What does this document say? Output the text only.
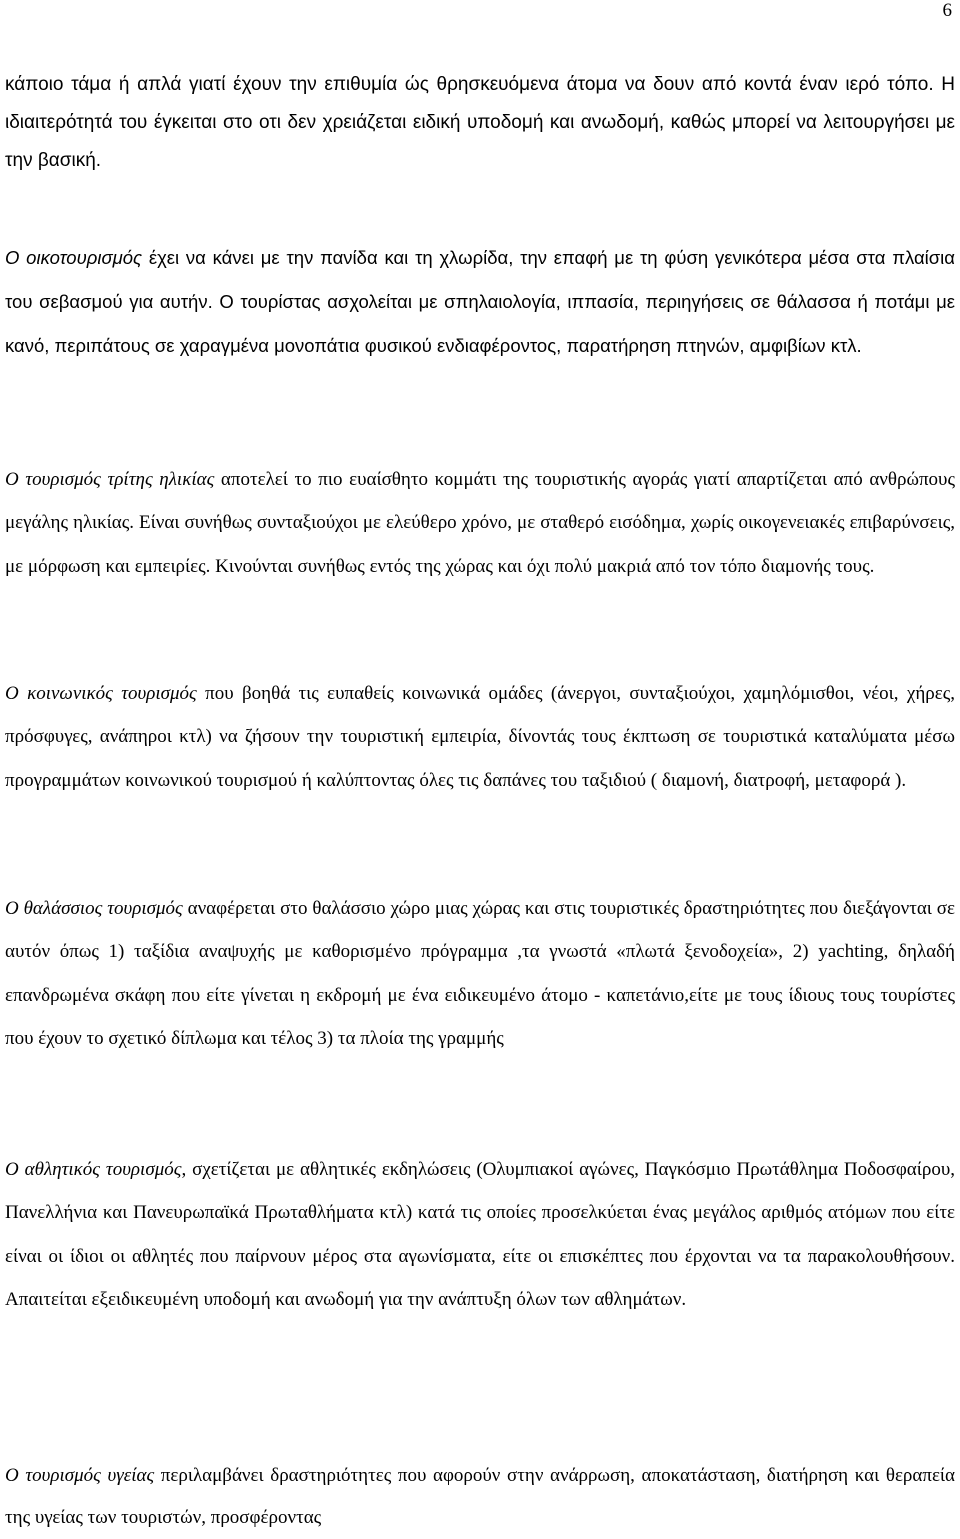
6

κάποιο τάμα ή απλά γιατί έχουν την επιθυμία ώς θρησκευόμενα άτομα να δουν από κοντά έναν ιερό τόπο. Η ιδιαιτερότητά του έγκειται στο οτι δεν χρειάζεται ειδική υποδομή και ανωδομή, καθώς μπορεί να λειτουργήσει με την βασική.

Ο οικοτουρισμός έχει να κάνει με την πανίδα και τη χλωρίδα, την επαφή με τη φύση γενικότερα μέσα στα πλαίσια του σεβασμού για αυτήν. Ο τουρίστας ασχολείται με σπηλαιολογία, ιππασία, περιηγήσεις σε θάλασσα ή ποτάμι με κανό, περιπάτους σε χαραγμένα μονοπάτια φυσικού ενδιαφέροντος, παρατήρηση πτηνών, αμφιβίων κτλ.

Ο τουρισμός τρίτης ηλικίας αποτελεί το πιο ευαίσθητο κομμάτι της τουριστικής αγοράς γιατί απαρτίζεται από ανθρώπους μεγάλης ηλικίας. Είναι συνήθως συνταξιούχοι με ελεύθερο χρόνο, με σταθερό εισόδημα, χωρίς οικογενειακές επιβαρύνσεις, με μόρφωση και εμπειρίες. Κινούνται συνήθως εντός της χώρας και όχι πολύ μακριά από τον τόπο διαμονής τους.

Ο κοινωνικός τουρισμός που βοηθά τις ευπαθείς κοινωνικά ομάδες (άνεργοι, συνταξιούχοι, χαμηλόμισθοι, νέοι, χήρες, πρόσφυγες, ανάπηροι κτλ) να ζήσουν την τουριστική εμπειρία, δίνοντάς τους έκπτωση σε τουριστικά καταλύματα μέσω προγραμμάτων κοινωνικού τουρισμού ή καλύπτοντας όλες τις δαπάνες του ταξιδιού ( διαμονή, διατροφή, μεταφορά ).

Ο θαλάσσιος τουρισμός αναφέρεται στο θαλάσσιο χώρο μιας χώρας και στις τουριστικές δραστηριότητες που διεξάγονται σε αυτόν όπως 1) ταξίδια αναψυχής με καθορισμένο πρόγραμμα ,τα γνωστά «πλωτά ξενοδοχεία», 2) yachting, δηλαδή επανδρωμένα σκάφη που είτε γίνεται η εκδρομή με ένα ειδικευμένο άτομο - καπετάνιο,είτε με τους ίδιους τους τουρίστες που έχουν το σχετικό δίπλωμα και τέλος 3) τα πλοία της γραμμής

Ο αθλητικός τουρισμός, σχετίζεται με αθλητικές εκδηλώσεις (Ολυμπιακοί αγώνες, Παγκόσμιο Πρωτάθλημα Ποδοσφαίρου, Πανελλήνια και Πανευρωπαϊκά Πρωταθλήματα κτλ) κατά τις οποίες προσελκύεται ένας μεγάλος αριθμός ατόμων που είτε είναι οι ίδιοι οι αθλητές που παίρνουν μέρος στα αγωνίσματα, είτε οι επισκέπτες που έρχονται να τα παρακολουθήσουν. Απαιτείται εξειδικευμένη υποδομή και ανωδομή για την ανάπτυξη όλων των αθλημάτων.

Ο τουρισμός υγείας περιλαμβάνει δραστηριότητες που αφορούν στην ανάρρωση, αποκατάσταση, διατήρηση και θεραπεία της υγείας των τουριστών, προσφέροντας
